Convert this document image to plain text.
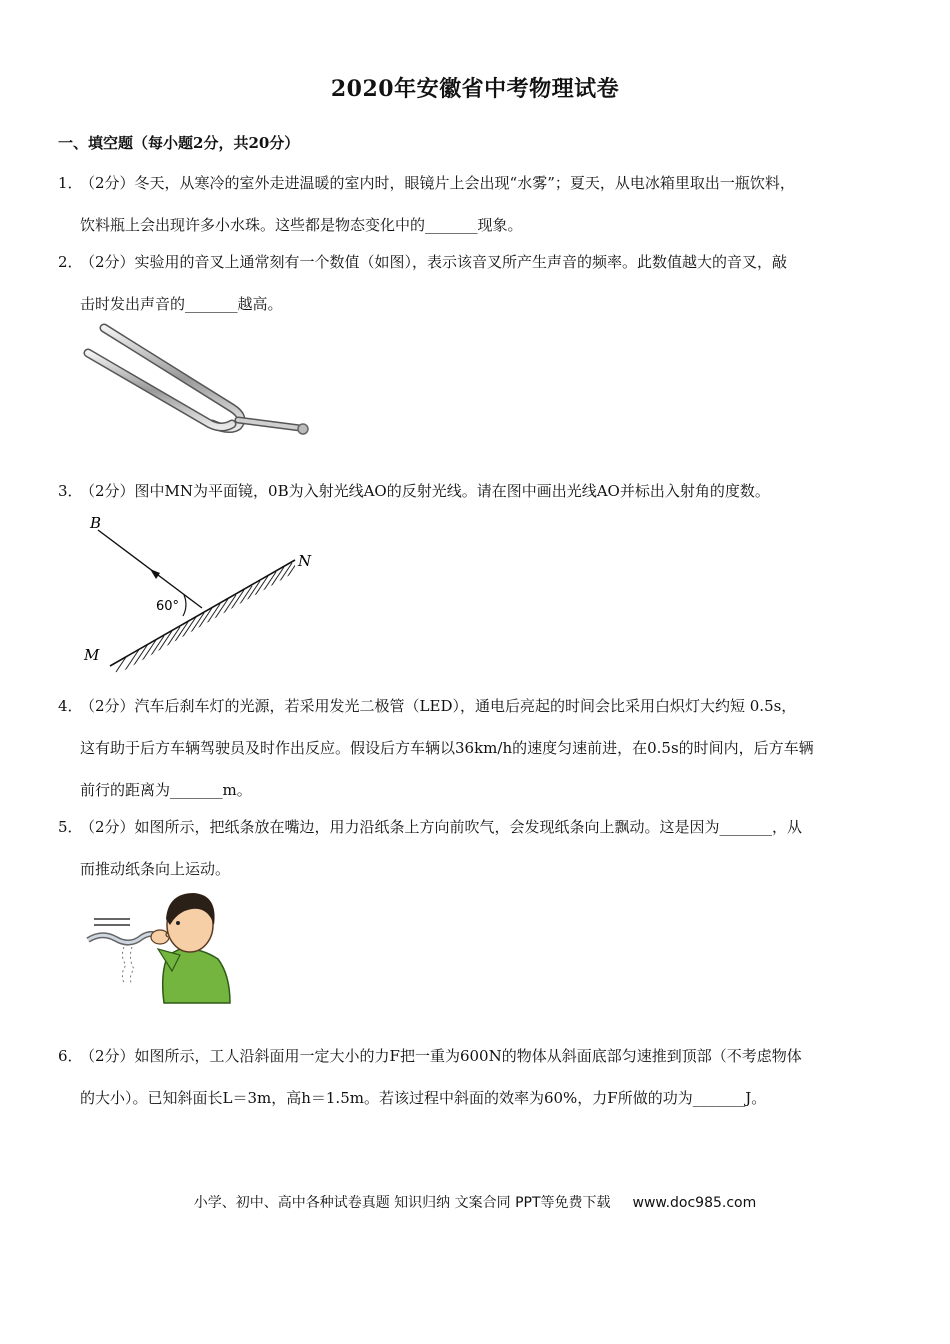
2020年安徽省中考物理试卷
一、填空题（每小题2分，共20分）
1．（2分）冬天，从寒冷的室外走进温暖的室内时，眼镜片上会出现“水雾”；夏天，从电冰箱里取出一瓶饮料，
饮料瓶上会出现许多小水珠。这些都是物态变化中的_______现象。
2．（2分）实验用的音叉上通常刻有一个数值（如图），表示该音叉所产生声音的频率。此数值越大的音叉，敲
击时发出声音的_______越高。
3．（2分）图中MN为平面镜，0B为入射光线AO的反射光线。请在图中画出光线AO并标出入射角的度数。
B
N
M
60°
4．（2分）汽车后刹车灯的光源，若采用发光二极管（LED），通电后亮起的时间会比采用白炽灯大约短 0.5s，
这有助于后方车辆驾驶员及时作出反应。假设后方车辆以36km/h的速度匀速前进，在0.5s的时间内，后方车辆
前行的距离为_______m。
5．（2分）如图所示，把纸条放在嘴边，用力沿纸条上方向前吹气，会发现纸条向上飘动。这是因为_______，从
而推动纸条向上运动。
6．（2分）如图所示，工人沿斜面用一定大小的力F把一重为600N的物体从斜面底部匀速推到顶部（不考虑物体
的大小）。已知斜面长L＝3m，高h＝1.5m。若该过程中斜面的效率为60%，力F所做的功为_______J。
小学、初中、高中各种试卷真题 知识归纳 文案合同 PPT等免费下载 www.doc985.com
